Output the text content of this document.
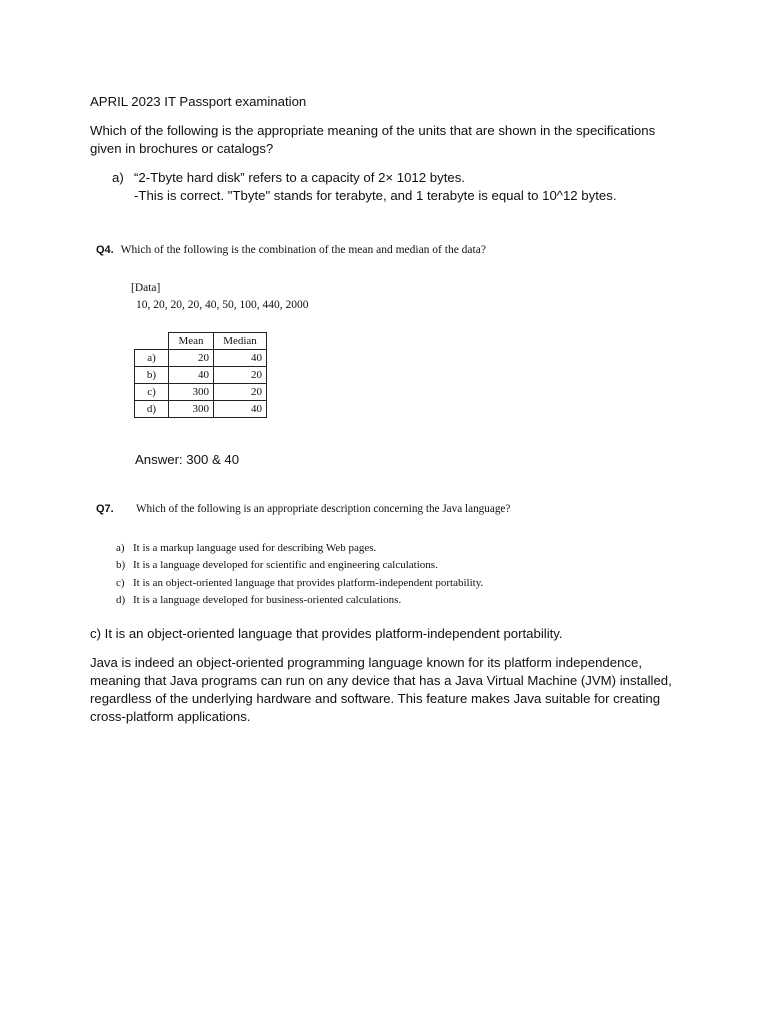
APRIL 2023 IT Passport examination
Which of the following is the appropriate meaning of the units that are shown in the specifications given in brochures or catalogs?
a) “2-Tbyte hard disk” refers to a capacity of 2× 1012 bytes.
-This is correct. "Tbyte" stands for terabyte, and 1 terabyte is equal to 10^12 bytes.
Q4. Which of the following is the combination of the mean and median of the data?
[Data]
10, 20, 20, 20, 40, 50, 100, 440, 2000
	Mean	Median
a)	20	40
b)	40	20
c)	300	20
d)	300	40
Answer: 300 & 40
Q7. Which of the following is an appropriate description concerning the Java language?
a) It is a markup language used for describing Web pages.
b) It is a language developed for scientific and engineering calculations.
c) It is an object-oriented language that provides platform-independent portability.
d) It is a language developed for business-oriented calculations.
c) It is an object-oriented language that provides platform-independent portability.
Java is indeed an object-oriented programming language known for its platform independence, meaning that Java programs can run on any device that has a Java Virtual Machine (JVM) installed, regardless of the underlying hardware and software. This feature makes Java suitable for creating cross-platform applications.
